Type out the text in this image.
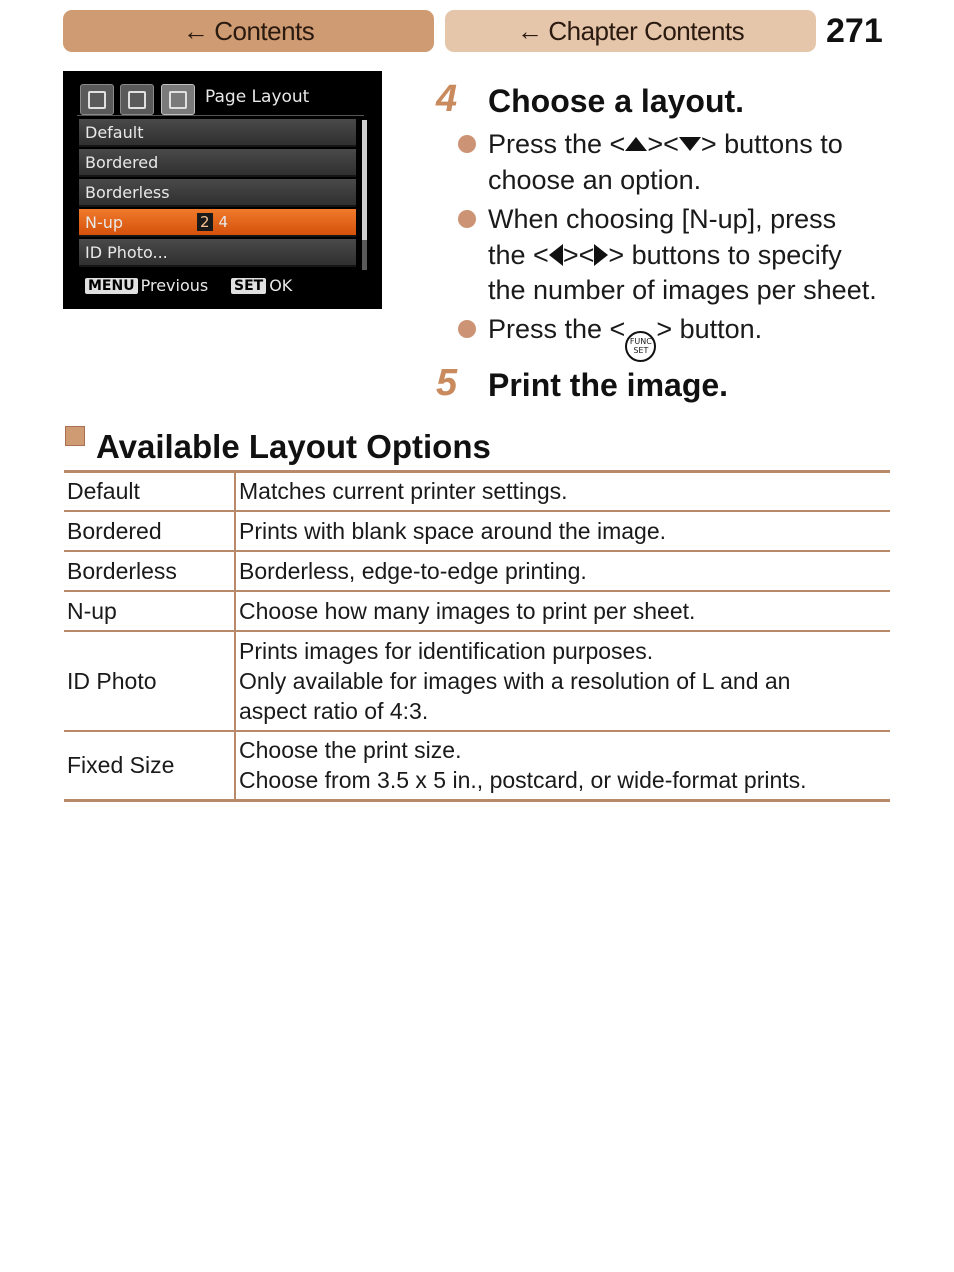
← Contents	← Chapter Contents 271
Page Layout
Default
Bordered
Borderless
N-up	2 4
ID Photo...
MENU Previous SET OK
4 Choose a layout.
Press the < >< > buttons to choose an option.
When choosing [N-up], press
the < >< > buttons to specify
the number of images per sheet.
Press the < FUNC
SET
> button.
5 Print the image.
Available Layout Options
Default	Matches current printer settings.

Bordered	Prints with blank space around the image.

Borderless	Borderless, edge-to-edge printing.

N-up	Choose how many images to print per sheet.

ID Photo	Prints images for identification purposes.
Only available for images with a resolution of L and an
aspect ratio of 4:3.

Fixed Size	Choose the print size.
Choose from 3.5 x 5 in., postcard, or wide-format prints.
